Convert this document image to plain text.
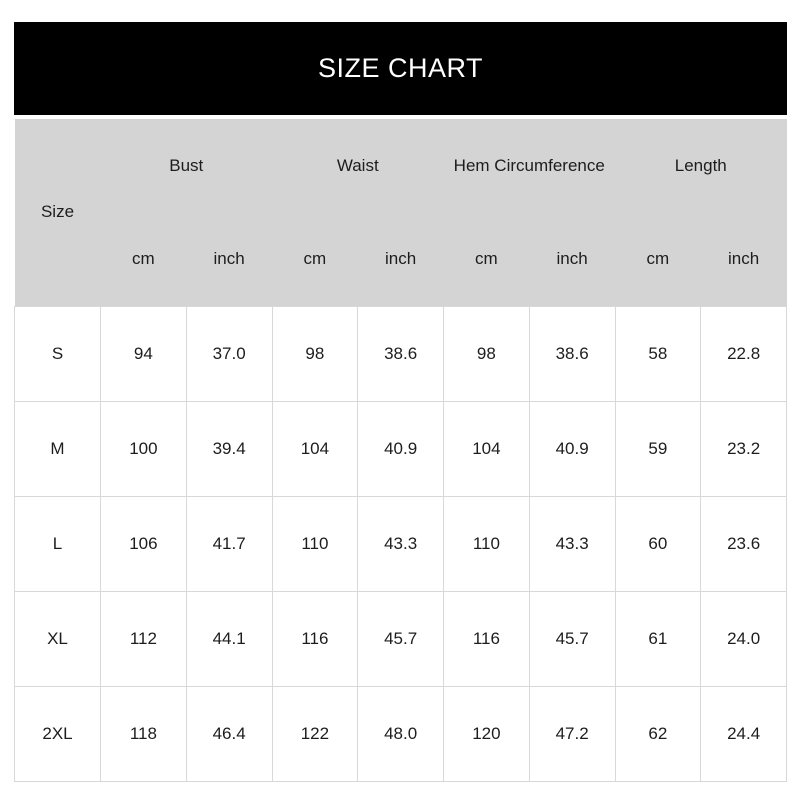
SIZE CHART
Size	Bust		Waist		Hem Circumference		Length	
	cm	inch	cm	inch	cm	inch	cm	inch
S	94	37.0	98	38.6	98	38.6	58	22.8
M	100	39.4	104	40.9	104	40.9	59	23.2
L	106	41.7	110	43.3	110	43.3	60	23.6
XL	112	44.1	116	45.7	116	45.7	61	24.0
2XL	118	46.4	122	48.0	120	47.2	62	24.4
